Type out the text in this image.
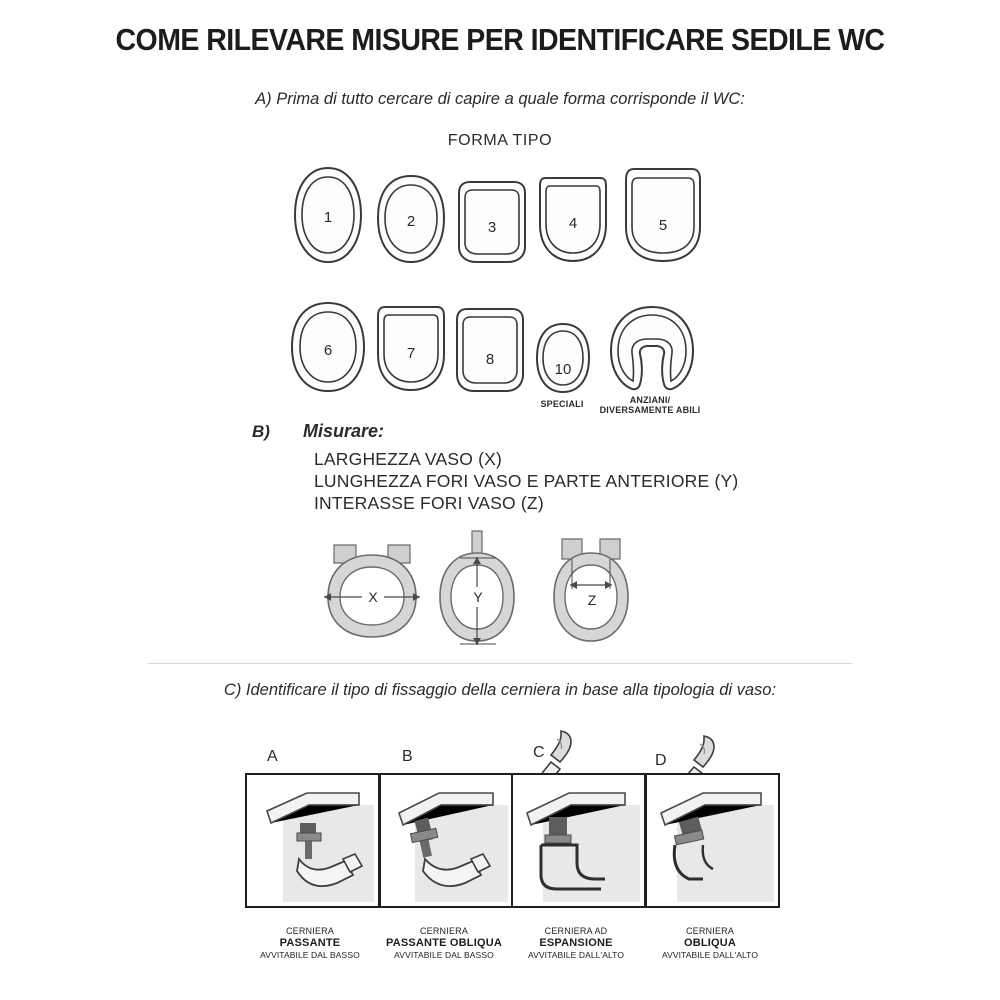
COME RILEVARE MISURE PER IDENTIFICARE SEDILE WC
A) Prima di tutto cercare di capire a quale forma corrisponde il WC:
FORMA TIPO
1	2	3	4	5
6	7	8
10
SPECIALI	ANZIANI/
DIVERSAMENTE ABILI
B) Misurare:
LARGHEZZA VASO (X)
LUNGHEZZA FORI VASO E PARTE ANTERIORE (Y)
INTERASSE FORI VASO (Z)
X	Y	Z
C) Identificare il tipo di fissaggio della cerniera in base alla tipologia di vaso:
A	B	C	D
CERNIERA
PASSANTE
AVVITABILE DAL BASSO
CERNIERA
PASSANTE OBLIQUA
AVVITABILE DAL BASSO
CERNIERA AD
ESPANSIONE
AVVITABILE DALL'ALTO
CERNIERA
OBLIQUA
AVVITABILE DALL'ALTO
